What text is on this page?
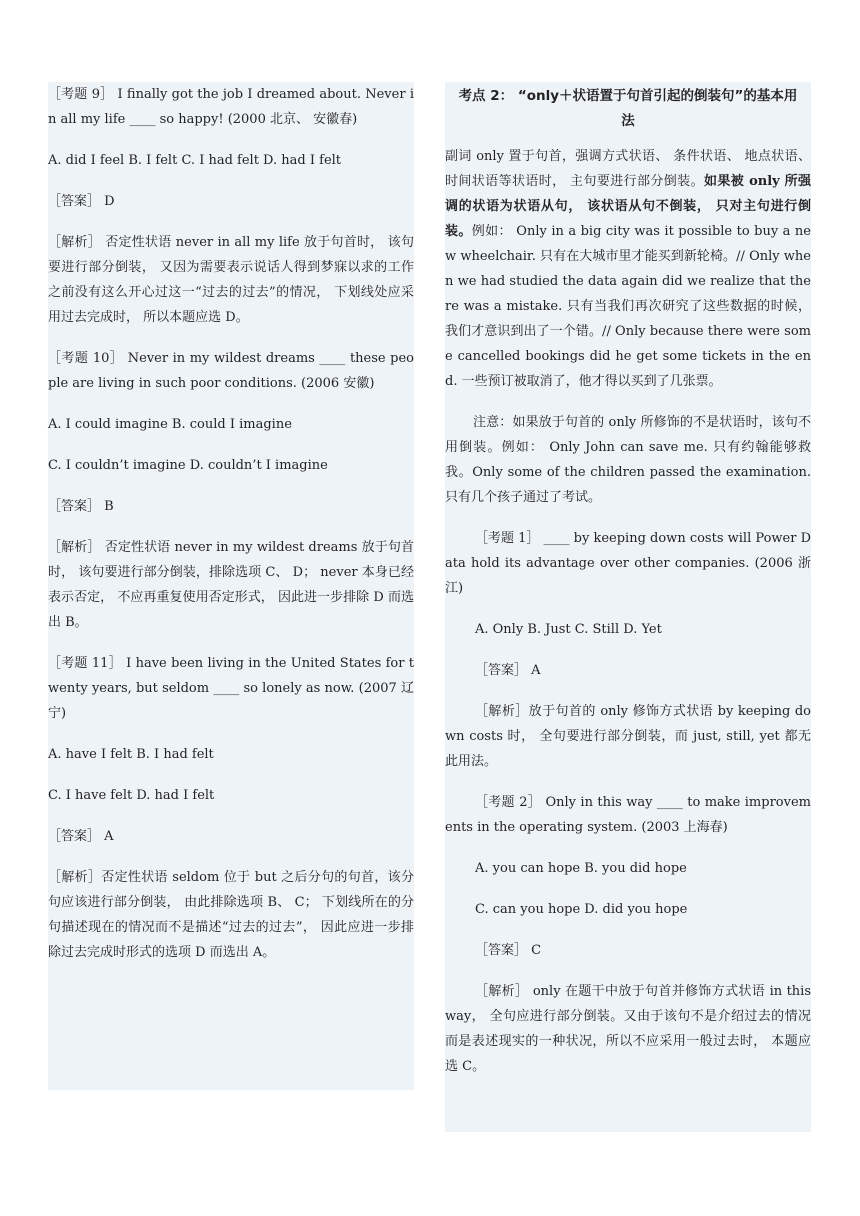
［考题 9］ I finally got the job I dreamed about. Never in all my life ____ so happy! (2000 北京、 安徽春)

A. did I feel B. I felt C. I had felt D. had I felt

［答案］ D

［解析］ 否定性状语 never in all my life 放于句首时， 该句要进行部分倒装， 又因为需要表示说话人得到梦寐以求的工作之前没有这么开心过这一“过去的过去”的情况， 下划线处应采用过去完成时， 所以本题应选 D。

［考题 10］ Never in my wildest dreams ____ these people are living in such poor conditions. (2006 安徽)

A. I could imagine B. could I imagine

C. I couldn’t imagine D. couldn’t I imagine

［答案］ B

［解析］ 否定性状语 never in my wildest dreams 放于句首时， 该句要进行部分倒装，排除选项 C、 D； never 本身已经表示否定， 不应再重复使用否定形式， 因此进一步排除 D 而选出 B。

［考题 11］ I have been living in the United States for twenty years, but seldom ____ so lonely as now. (2007 辽宁)

A. have I felt B. I had felt

C. I have felt D. had I felt

［答案］ A

［解析］否定性状语 seldom 位于 but 之后分句的句首，该分句应该进行部分倒装， 由此排除选项 B、 C； 下划线所在的分句描述现在的情况而不是描述“过去的过去”， 因此应进一步排除过去完成时形式的选项 D 而选出 A。

考点 2： “only＋状语置于句首引起的倒装句”的基本用法

副词 only 置于句首，强调方式状语、 条件状语、 地点状语、 时间状语等状语时， 主句要进行部分倒装。如果被 only 所强调的状语为状语从句， 该状语从句不倒装， 只对主句进行倒装。例如： Only in a big city was it possible to buy a new wheelchair. 只有在大城市里才能买到新轮椅。// Only when we had studied the data again did we realize that there was a mistake. 只有当我们再次研究了这些数据的时候，我们才意识到出了一个错。// Only because there were some cancelled bookings did he get some tickets in the end. 一些预订被取消了，他才得以买到了几张票。

注意：如果放于句首的 only 所修饰的不是状语时，该句不用倒装。例如： Only John can save me. 只有约翰能够救我。Only some of the children passed the examination. 只有几个孩子通过了考试。

［考题 1］ ____ by keeping down costs will Power Data hold its advantage over other companies. (2006 浙江)

A. Only B. Just C. Still D. Yet

［答案］ A

［解析］放于句首的 only 修饰方式状语 by keeping down costs 时， 全句要进行部分倒装，而 just, still, yet 都无此用法。

［考题 2］ Only in this way ____ to make improvements in the operating system. (2003 上海春)

A. you can hope B. you did hope

C. can you hope D. did you hope

［答案］ C

［解析］ only 在题干中放于句首并修饰方式状语 in this way， 全句应进行部分倒装。又由于该句不是介绍过去的情况而是表述现实的一种状况，所以不应采用一般过去时， 本题应选 C。
